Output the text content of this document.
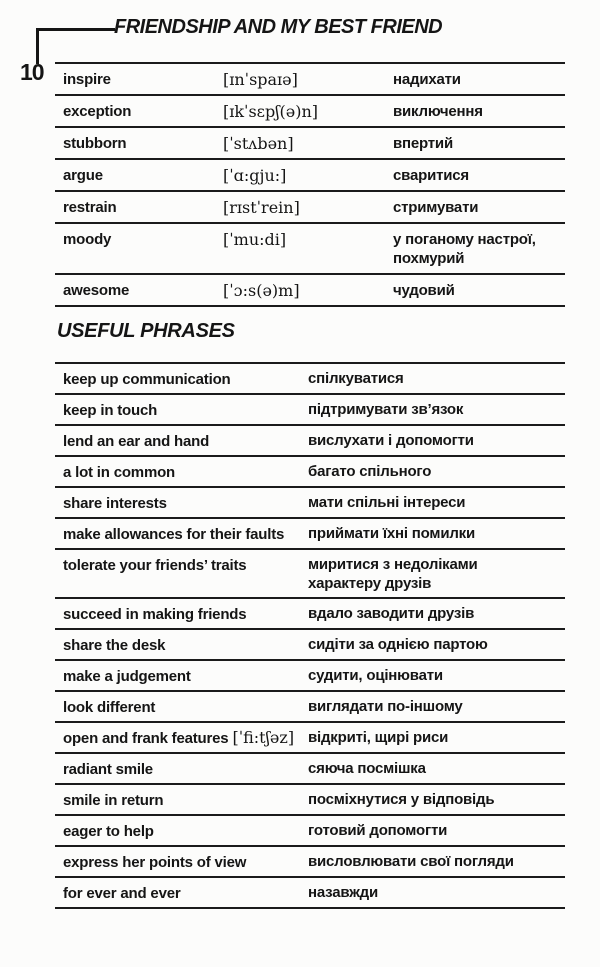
10
FRIENDSHIP AND MY BEST FRIEND
inspire	[ɪnˈspaɪə]	надихати
exception	[ɪkˈsɛpʃ(ə)n]	виключення
stubborn	[ˈstʌbən]	впертий
argue	[ˈɑ:gju:]	сваритися
restrain	[rɪstˈrein]	стримувати
moody	[ˈmu:di]	у поганому настрої, похмурий
awesome	[ˈɔ:s(ə)m]	чудовий
USEFUL PHRASES
keep up communication	спілкуватися
keep in touch	підтримувати зв’язок
lend an ear and hand	вислухати і допомогти
a lot in common	багато спільного
share interests	мати спільні інтереси
make allowances for their faults	приймати їхні помилки
tolerate your friends’ traits	миритися з недоліками характеру друзів
succeed in making friends	вдало заводити друзів
share the desk	сидіти за однією партою
make a judgement	судити, оцінювати
look different	виглядати по-іншому
open and frank features [ˈfi:tʃəz] відкриті, щирі риси
radiant smile	сяюча посмішка
smile in return	посміхнутися у відповідь
eager to help	готовий допомогти
express her points of view	висловлювати свої погляди
for ever and ever	назавжди
